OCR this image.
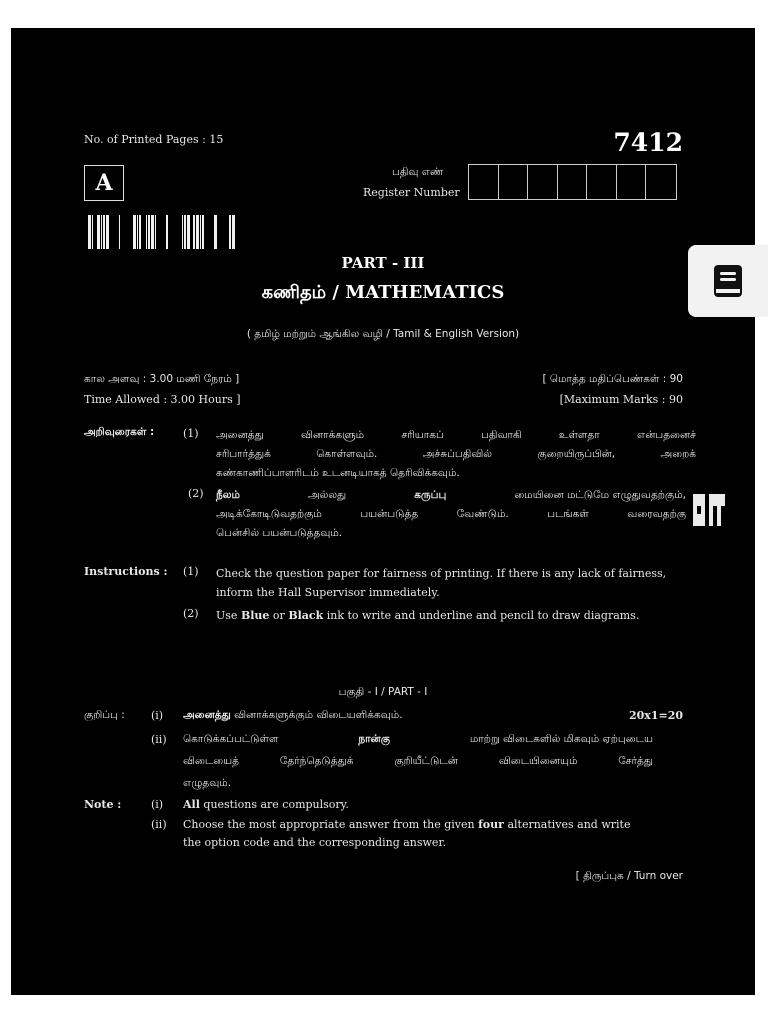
No. of Printed Pages : 15	7412
A	பதிவு எண்
Register Number
PART - III
கணிதம் / MATHEMATICS
( தமிழ் மற்றும் ஆங்கில வழி / Tamil & English Version)
கால அளவு : 3.00 மணி நேரம் ]
Time Allowed : 3.00 Hours ]
[ மொத்த மதிப்பெண்கள் : 90
[Maximum Marks : 90
அறிவுரைகள் :	(1) அனைத்து வினாக்களும் சரியாகப் பதிவாகி உள்ளதா என்பதனைச்
சரிபார்த்துக் கொள்ளவும். அச்சுப்பதிவில் குறையிருப்பின், அறைக்
கண்காணிப்பாளரிடம் உடனடியாகத் தெரிவிக்கவும்.
(2) நீலம்	அல்லது	கருப்பு	மையினை மட்டுமே எழுதுவதற்கும்,
அடிக்கோடிடுவதற்கும் பயன்படுத்த வேண்டும். படங்கள் வரைவதற்கு
பென்சில் பயன்படுத்தவும்.
Instructions : (1) Check the question paper for fairness of printing. If there is any lack of fairness,
inform the Hall Supervisor immediately.
(2) Use Blue or Black ink to write and underline and pencil to draw diagrams.
பகுதி - I / PART - I
குறிப்பு : (i) அனைத்து வினாக்களுக்கும் விடையளிக்கவும்.	20x1=20
(ii) கொடுக்கப்பட்டுள்ள	நான்கு	மாற்று விடைகளில் மிகவும் ஏற்புடைய
விடையைத் தேர்ந்தெடுத்துக் குறியீட்டுடன் விடையினையும் சேர்த்து
எழுதவும்.
Note :	(i) All questions are compulsory.
(ii) Choose the most appropriate answer from the given four alternatives and write
the option code and the corresponding answer.
[ திருப்புக / Turn over
